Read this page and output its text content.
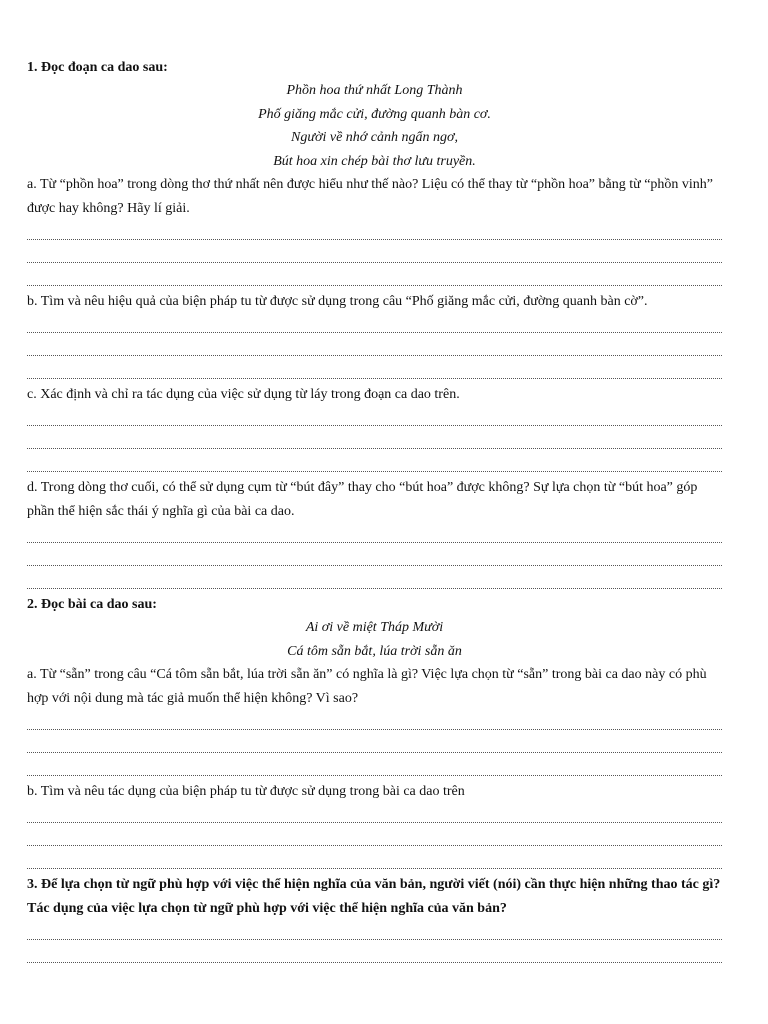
1. Đọc đoạn ca dao sau:
Phồn hoa thứ nhất Long Thành
Phố giăng mắc cửi, đường quanh bàn cơ.
Người về nhớ cảnh ngẩn ngơ,
Bút hoa xin chép bài thơ lưu truyền.
a. Từ “phồn hoa” trong dòng thơ thứ nhất nên được hiểu như thế nào? Liệu có thể thay từ “phồn hoa” bằng từ “phồn vinh” được hay không? Hãy lí giải.
b. Tìm và nêu hiệu quả của biện pháp tu từ được sử dụng trong câu “Phố giăng mắc cửi, đường quanh bàn cờ”.
c. Xác định và chỉ ra tác dụng của việc sử dụng từ láy trong đoạn ca dao trên.
d. Trong dòng thơ cuối, có thể sử dụng cụm từ “bút đây” thay cho “bút hoa” được không? Sự lựa chọn từ “bút hoa” góp phần thể hiện sắc thái ý nghĩa gì của bài ca dao.
2. Đọc bài ca dao sau:
Ai ơi về miệt Tháp Mười
Cá tôm sẵn bắt, lúa trời sẵn ăn
a. Từ “sẵn” trong câu “Cá tôm sẵn bắt, lúa trời sẵn ăn” có nghĩa là gì? Việc lựa chọn từ “sẵn” trong bài ca dao này có phù hợp với nội dung mà tác giả muốn thể hiện không? Vì sao?
b. Tìm và nêu tác dụng của biện pháp tu từ được sử dụng trong bài ca dao trên
3. Để lựa chọn từ ngữ phù hợp với việc thể hiện nghĩa của văn bản, người viết (nói) cần thực hiện những thao tác gì? Tác dụng của việc lựa chọn từ ngữ phù hợp với việc thể hiện nghĩa của văn bản?
